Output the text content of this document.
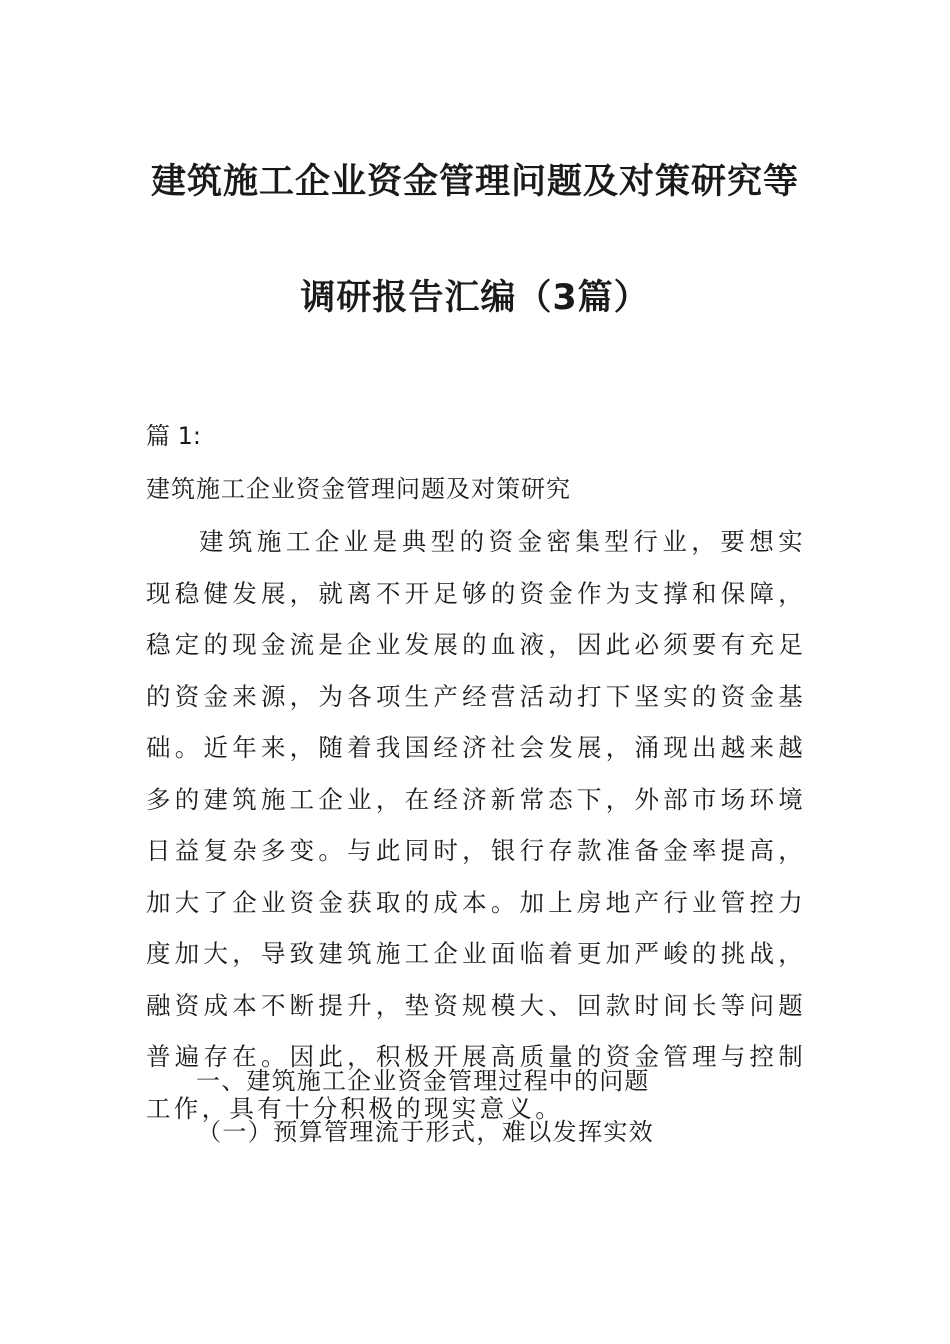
建筑施工企业资金管理问题及对策研究等
调研报告汇编（3篇）
篇 1:
建筑施工企业资金管理问题及对策研究

建筑施工企业是典型的资金密集型行业，要想实现稳健发展，就离不开足够的资金作为支撑和保障，稳定的现金流是企业发展的血液，因此必须要有充足的资金来源，为各项生产经营活动打下坚实的资金基础。近年来，随着我国经济社会发展，涌现出越来越多的建筑施工企业，在经济新常态下，外部市场环境日益复杂多变。与此同时，银行存款准备金率提高，加大了企业资金获取的成本。加上房地产行业管控力度加大，导致建筑施工企业面临着更加严峻的挑战，融资成本不断提升，垫资规模大、回款时间长等问题普遍存在。因此，积极开展高质量的资金管理与控制工作，具有十分积极的现实意义。

一、建筑施工企业资金管理过程中的问题
（一）预算管理流于形式，难以发挥实效
